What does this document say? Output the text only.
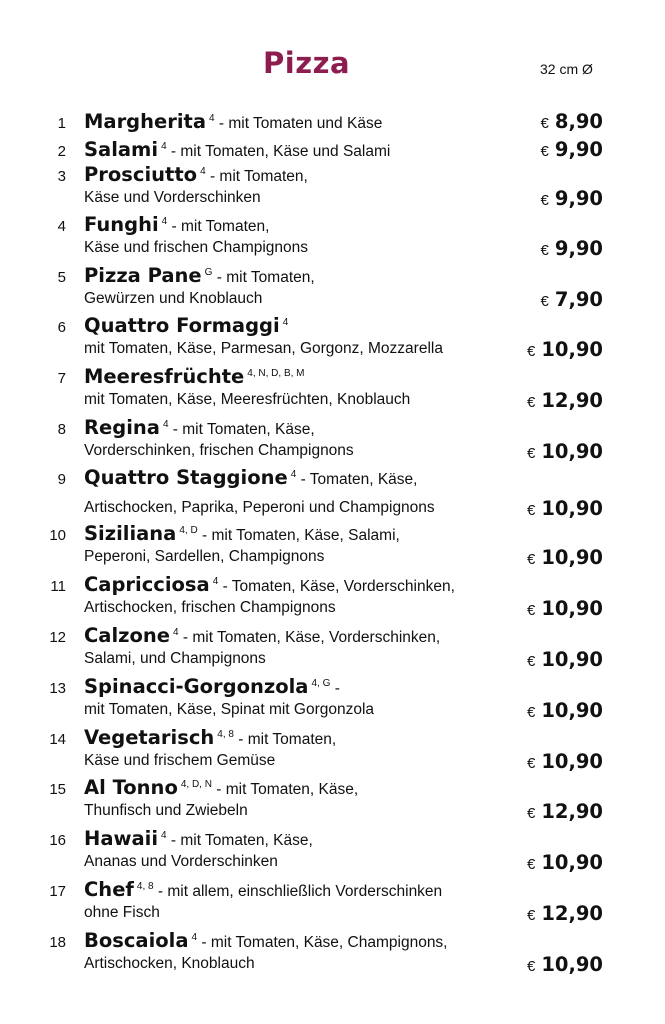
Pizza	32 cm Ø
1 Margherita $^4$ - mit Tomaten und Käse	€ 8,90
2 Salami $^4$ - mit Tomaten, Käse und Salami	€ 9,90
3 Prosciutto $^4$ - mit Tomaten,
Käse und Vorderschinken	€ 9,90
4 Funghi $^4$ - mit Tomaten,
Käse und frischen Champignons	€ 9,90
5 Pizza Pane $^G$ - mit Tomaten,
Gewürzen und Knoblauch	€ 7,90
6 Quattro Formaggi $^4$
mit Tomaten, Käse, Parmesan, Gorgonz, Mozzarella	€ 10,90
7 Meeresfrüchte $^{4, N, D, B, M}$
mit Tomaten, Käse, Meeresfrüchten, Knoblauch	€ 12,90
8 Regina $^4$ - mit Tomaten, Käse,
Vorderschinken, frischen Champignons	€ 10,90
9 Quattro Staggione $^4$ - Tomaten, Käse,
Artischocken, Paprika, Peperoni und Champignons	€ 10,90
10 Siziliana $^{4, D}$ - mit Tomaten, Käse, Salami,
Peperoni, Sardellen, Champignons	€ 10,90
11 Capricciosa $^4$ - Tomaten, Käse, Vorderschinken,
Artischocken, frischen Champignons	€ 10,90
12 Calzone $^4$ - mit Tomaten, Käse, Vorderschinken,
Salami, und Champignons	€ 10,90
13 Spinacci-Gorgonzola $^{4, G}$ -
mit Tomaten, Käse, Spinat mit Gorgonzola	€ 10,90
14 Vegetarisch $^{4, 8}$ - mit Tomaten,
Käse und frischem Gemüse	€ 10,90
15 Al Tonno $^{4, D, N}$ - mit Tomaten, Käse,
Thunfisch und Zwiebeln	€ 12,90
16 Hawaii $^4$ - mit Tomaten, Käse,
Ananas und Vorderschinken	€ 10,90
17 Chef $^{4, 8}$ - mit allem, einschließlich Vorderschinken
ohne Fisch	€ 12,90
18 Boscaiola $^4$ - mit Tomaten, Käse, Champignons,
Artischocken, Knoblauch	€ 10,90
